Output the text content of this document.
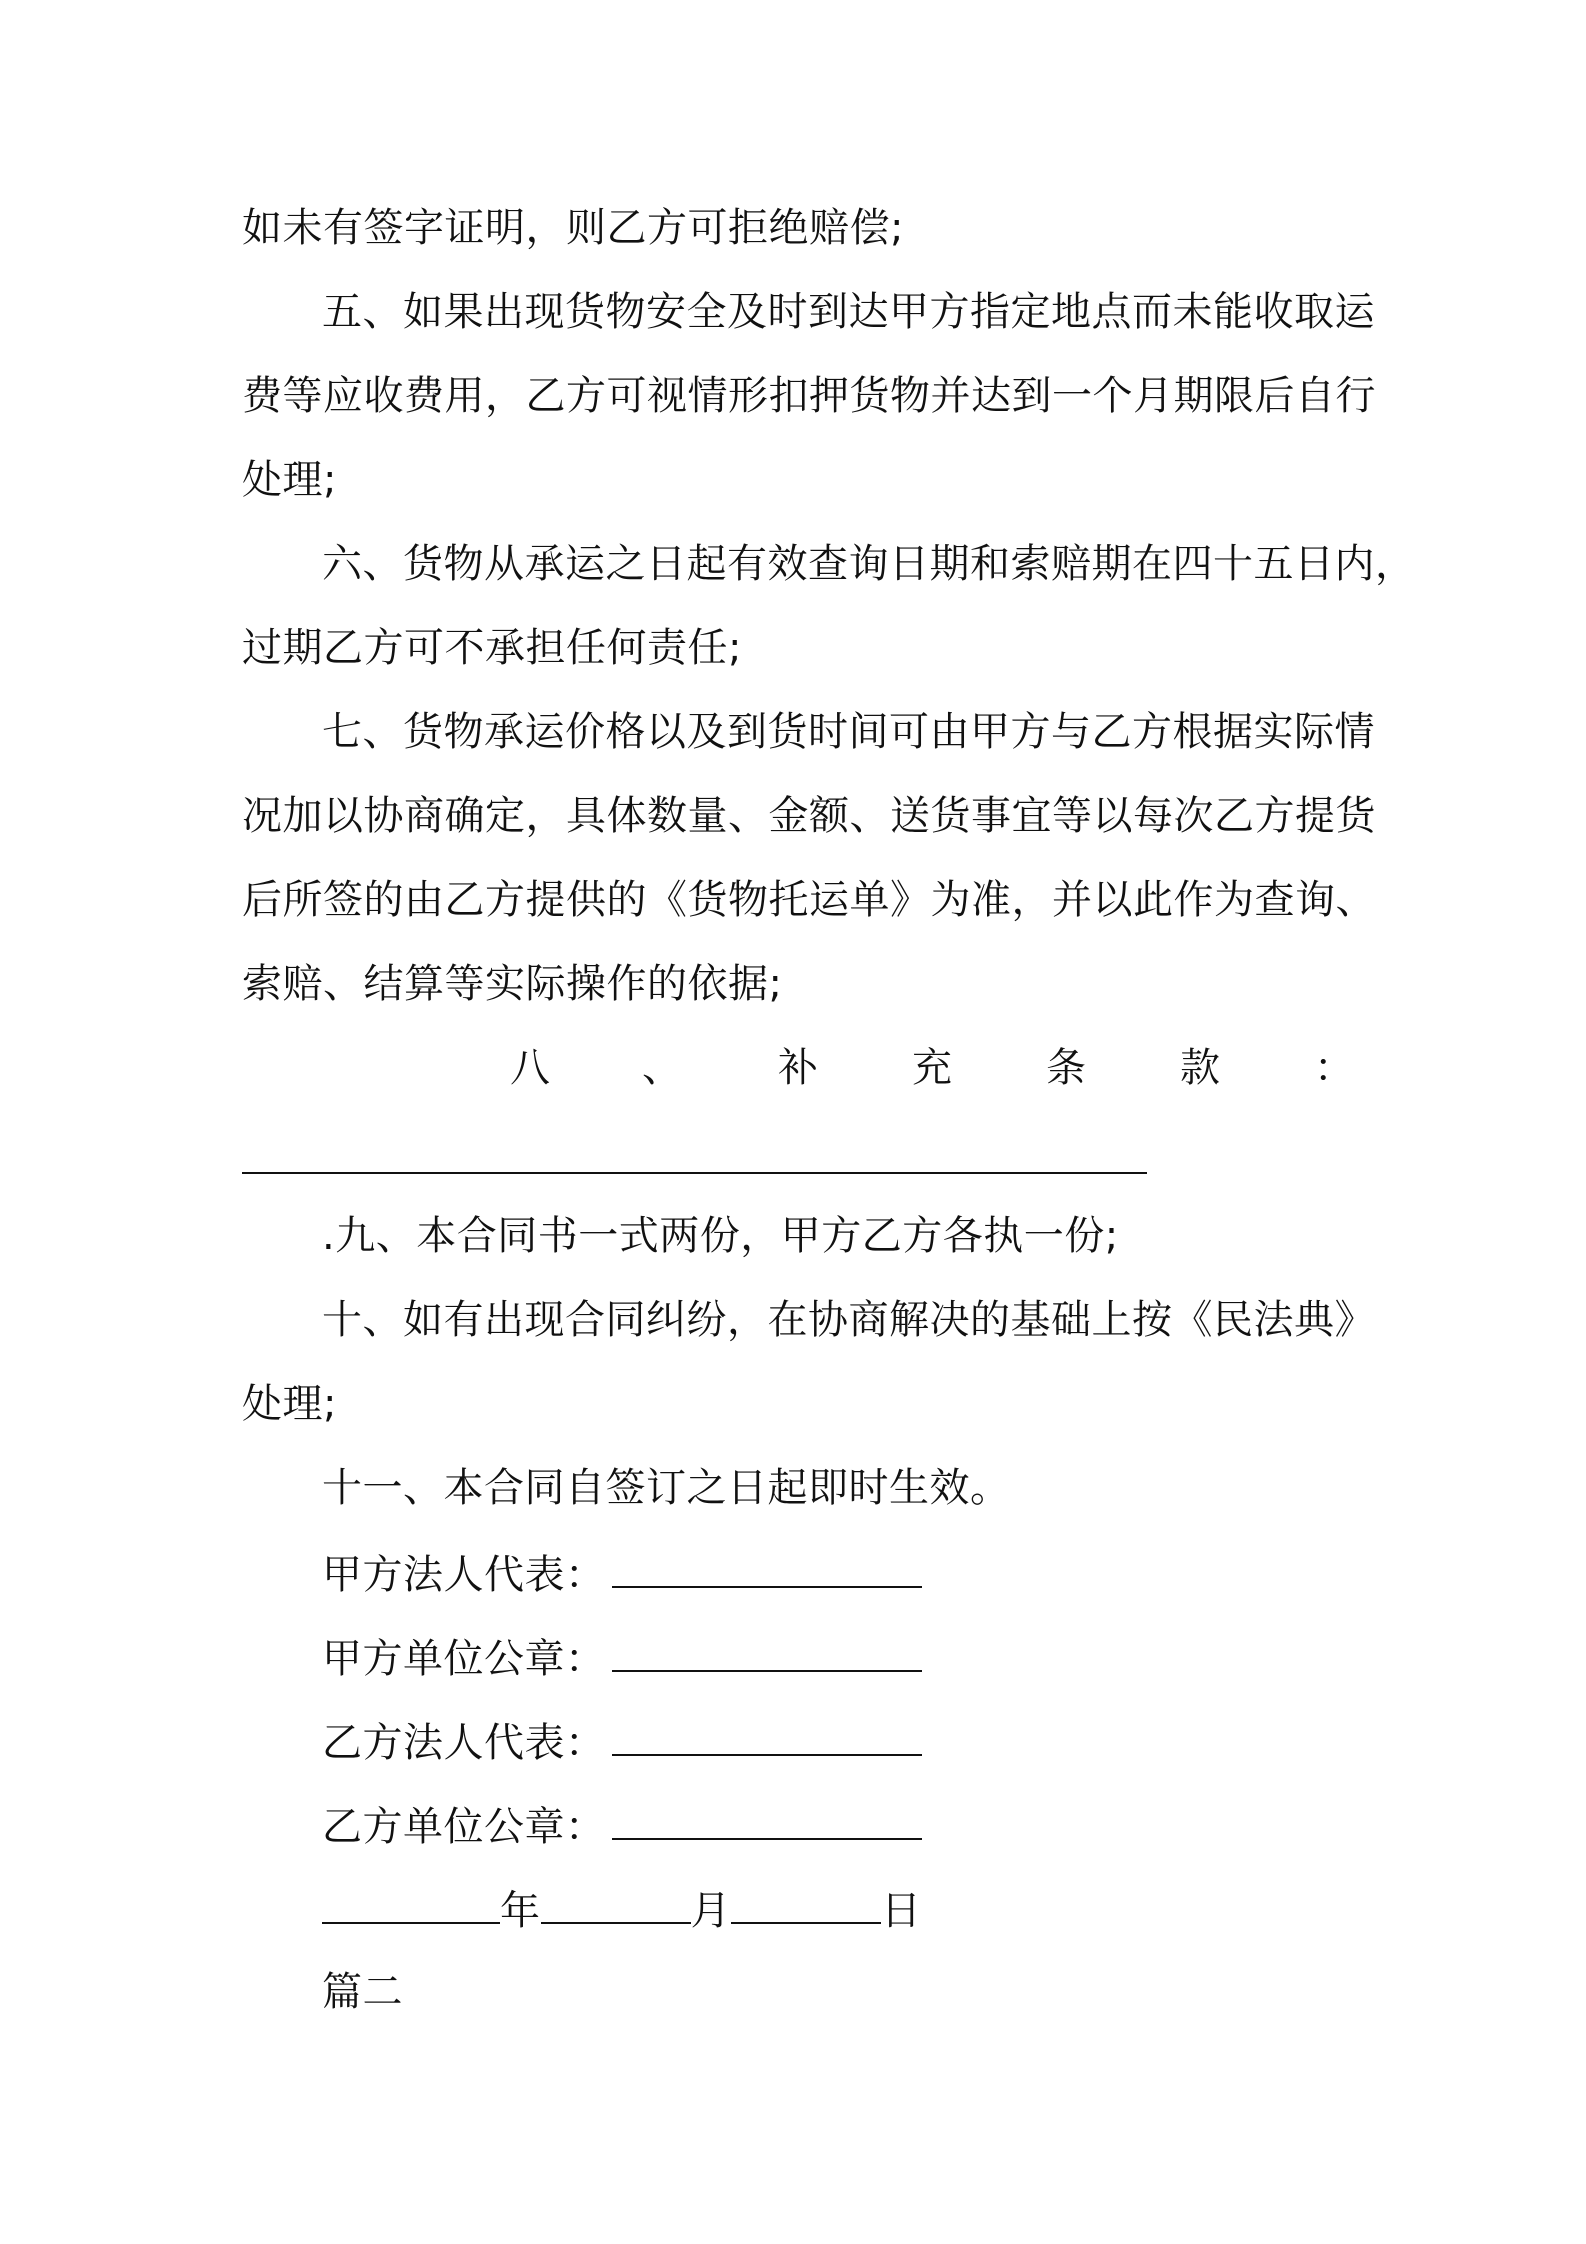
如未有签字证明，则乙方可拒绝赔偿;
五、如果出现货物安全及时到达甲方指定地点而未能收取运
费等应收费用，乙方可视情形扣押货物并达到一个月期限后自行
处理;
六、货物从承运之日起有效查询日期和索赔期在四十五日内，
过期乙方可不承担任何责任;
七、货物承运价格以及到货时间可由甲方与乙方根据实际情
况加以协商确定，具体数量、金额、送货事宜等以每次乙方提货
后所签的由乙方提供的《货物托运单》为准，并以此作为查询、
索赔、结算等实际操作的依据;
八 、 补 充 条 款 ：
.九、本合同书一式两份，甲方乙方各执一份;
十、如有出现合同纠纷，在协商解决的基础上按《民法典》
处理;
十一、本合同自签订之日起即时生效。
甲方法人代表：
甲方单位公章：
乙方法人代表：
乙方单位公章：
年	月	日
篇二
